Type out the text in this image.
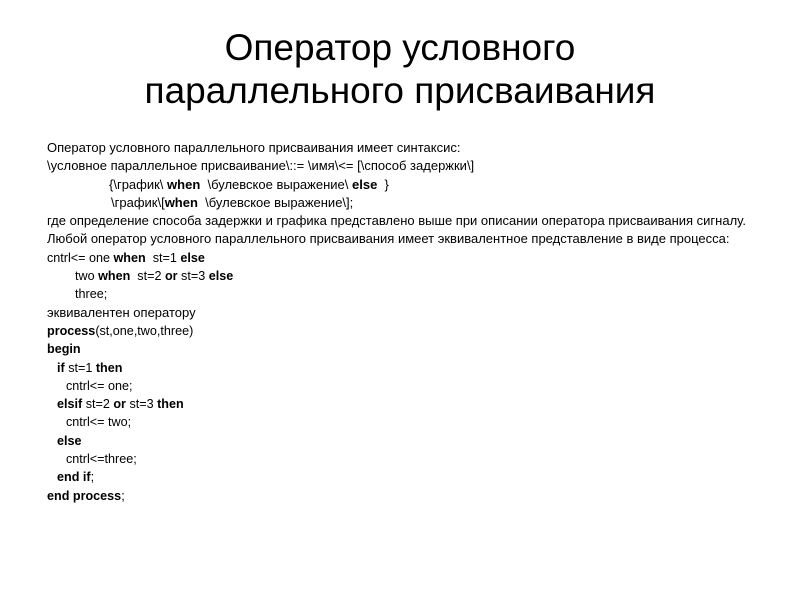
Оператор условного
параллельного присваивания
Оператор условного параллельного присваивания имеет синтаксис:
\условное параллельное присваивание\::= \имя\<= [\способ задержки\]
{\график\ when  \булевское выражение\ else  }
\график\[when  \булевское выражение\];
где определение способа задержки и графика представлено выше при описании оператора присваивания сигналу.
Любой оператор условного параллельного присваивания имеет эквивалентное представление в виде процесса:
cntrl<= one when  st=1 else
two when  st=2 or st=3 else
three;
эквивалентен оператору
process(st,one,two,three)
begin
if st=1 then
cntrl<= one;
elsif st=2 or st=3 then
cntrl<= two;
else
cntrl<=three;
end if;
end process;
